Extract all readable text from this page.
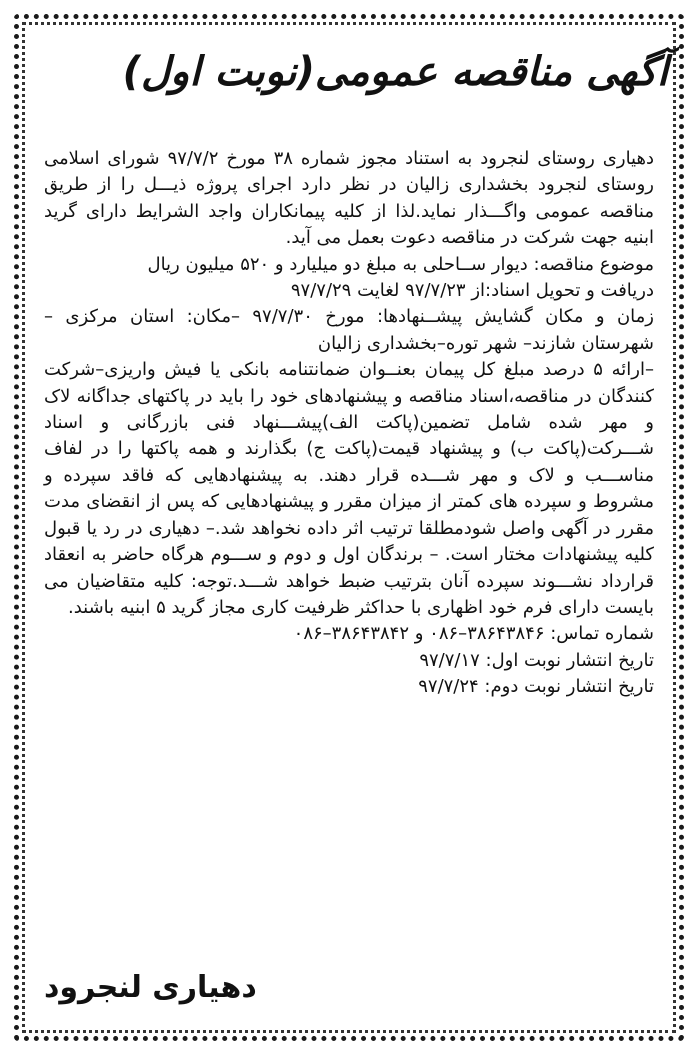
آگهی مناقصه عمومی(نوبت اول)

دهیاری روستای لنجرود به استناد مجوز شماره ۳۸ مورخ ۹۷/۷/۲ شورای اسلامی روستای لنجرود بخشداری زالیان در نظر دارد اجرای پروژه ذیـــل را از طریق مناقصه عمومی واگـــذار نماید.لذا از کلیه پیمانکاران واجد الشرایط دارای گرید ابنیه جهت شرکت در مناقصه دعوت بعمل می آید.

موضوع مناقصه: دیوار ســاحلی به مبلغ دو میلیارد و ۵۲۰ میلیون ریال

دریافت و تحویل اسناد:از ۹۷/۷/۲۳ لغایت ۹۷/۷/۲۹

زمان و مکان گشایش پیشــنهادها: مورخ ۹۷/۷/۳۰ –مکان: استان مرکزی –شهرستان شازند– شهر توره–بخشداری زالیان

–ارائه ۵ درصد مبلغ کل پیمان بعنــوان ضمانتنامه بانکی یا فیش واریزی–شرکت کنندگان در مناقصه،اسناد مناقصه و پیشنهادهای خود را باید در پاکتهای جداگانه لاک و مهر شده شامل تضمین(پاکت الف)پیشـــنهاد فنی بازرگانی و اسناد شـــرکت(پاکت ب) و پیشنهاد قیمت(پاکت ج) بگذارند و همه پاکتها را در لفاف مناســـب و لاک و مهر شـــده قرار دهند. به پیشنهادهایی که فاقد سپرده و مشروط و سپرده های کمتر از میزان مقرر و پیشنهادهایی که پس از انقضای مدت مقرر در آگهی واصل شودمطلقا ترتیب اثر داده نخواهد شد.– دهیاری در رد یا قبول کلیه پیشنهادات مختار است. – برندگان اول و دوم و ســـوم هرگاه حاضر به انعقاد قرارداد نشـــوند سپرده آنان بترتیب ضبط خواهد شـــد.توجه: کلیه متقاضیان می بایست دارای فرم خود اظهاری با حداکثر ظرفیت کاری مجاز گرید ۵ ابنیه باشند.

شماره تماس: ۳۸۶۴۳۸۴۶–۰۸۶ و ۳۸۶۴۳۸۴۲–۰۸۶

تاریخ انتشار نوبت اول: ۹۷/۷/۱۷

تاریخ انتشار نوبت دوم: ۹۷/۷/۲۴

دهیاری لنجرود
